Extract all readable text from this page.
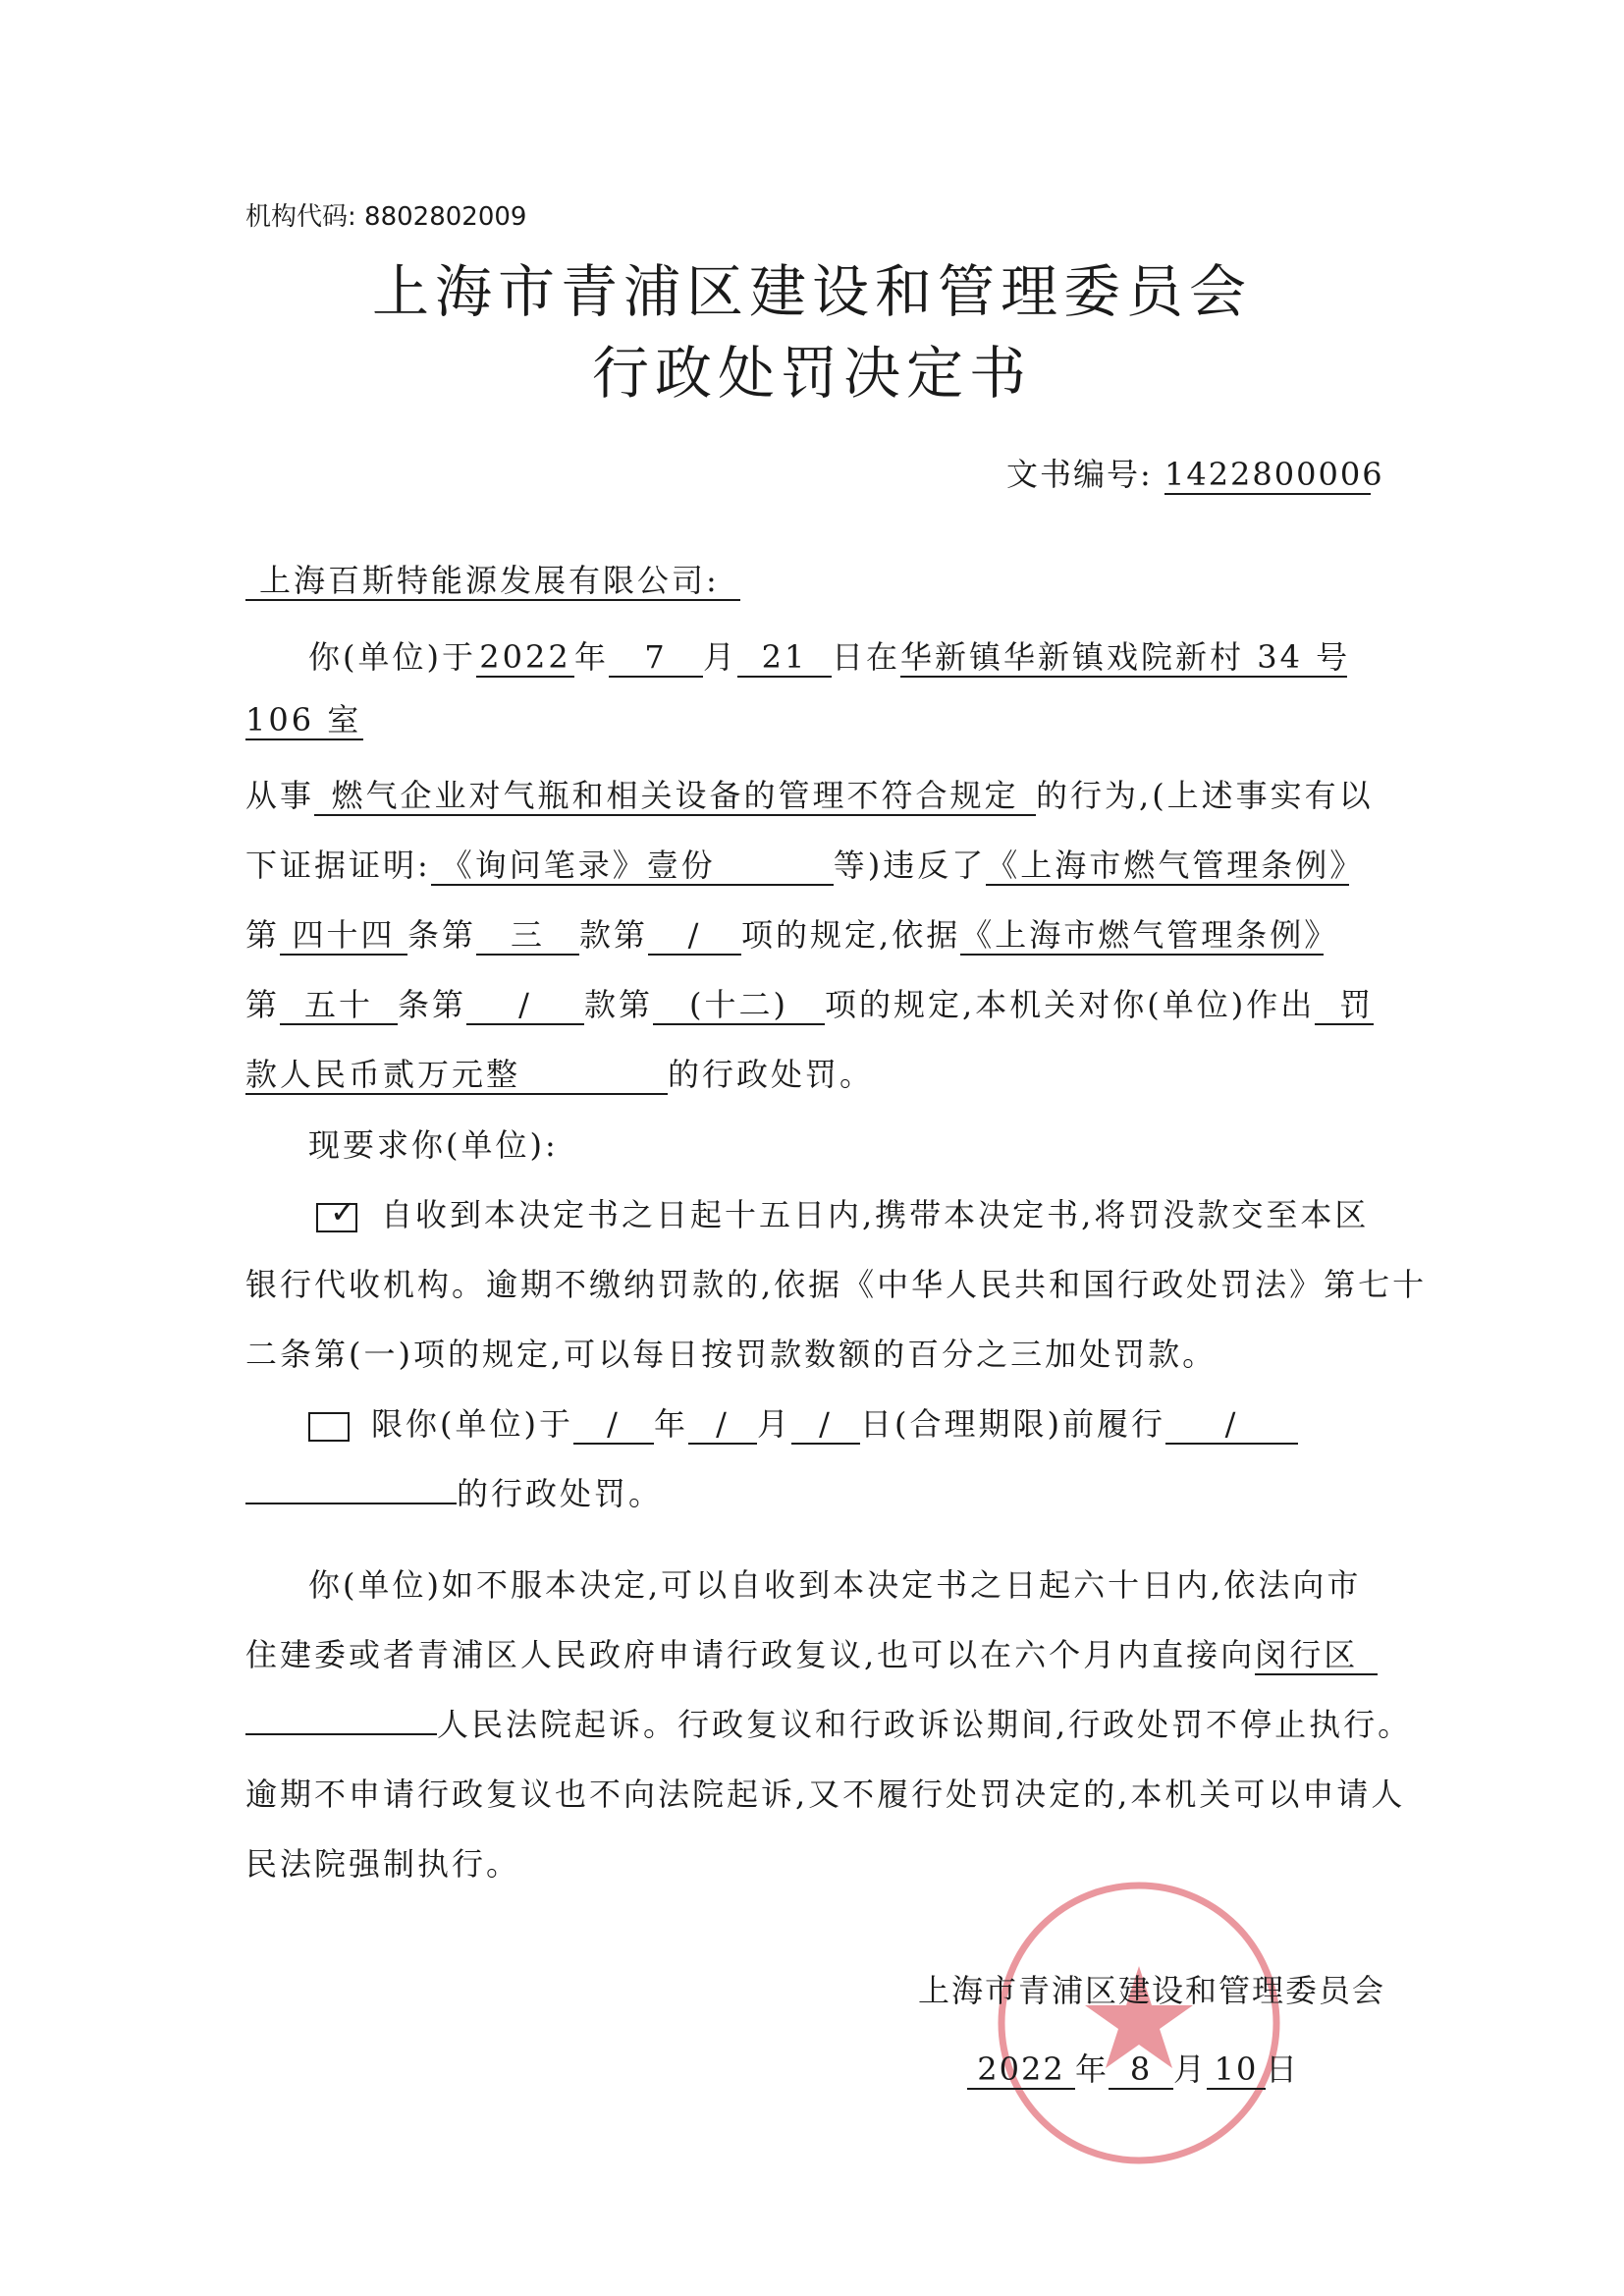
机构代码: 8802802009
上海市青浦区建设和管理委员会
行政处罚决定书
文书编号: 1422800006
上海百斯特能源发展有限公司:
你(单位)于 2022 年 7 月 21 日在华新镇华新镇戏院新村 34 号
106 室
从事 燃气企业对气瓶和相关设备的管理不符合规定 的行为,(上述事实有以
下证据证明: 《询问笔录》壹份	等)违反了《上海市燃气管理条例》
第 四十四 条第 三 款第 / 项的规定,依据《上海市燃气管理条例》
第 五十 条第 / 款第 (十二) 项的规定,本机关对你(单位)作出 罚
款人民币贰万元整	的行政处罚。
现要求你(单位):
✓ 自收到本决定书之日起十五日内,携带本决定书,将罚没款交至本区
银行代收机构。逾期不缴纳罚款的,依据《中华人民共和国行政处罚法》第七十
二条第(一)项的规定,可以每日按罚款数额的百分之三加处罚款。
限你(单位)于 / 年 / 月 / 日(合理期限)前履行 /
的行政处罚。
你(单位)如不服本决定,可以自收到本决定书之日起六十日内,依法向市
住建委或者青浦区人民政府申请行政复议,也可以在六个月内直接向闵行区
人民法院起诉。行政复议和行政诉讼期间,行政处罚不停止执行。
逾期不申请行政复议也不向法院起诉,又不履行处罚决定的,本机关可以申请人
民法院强制执行。
上海市青浦区建设和管理委员会
2022 年 8 月 10 日
